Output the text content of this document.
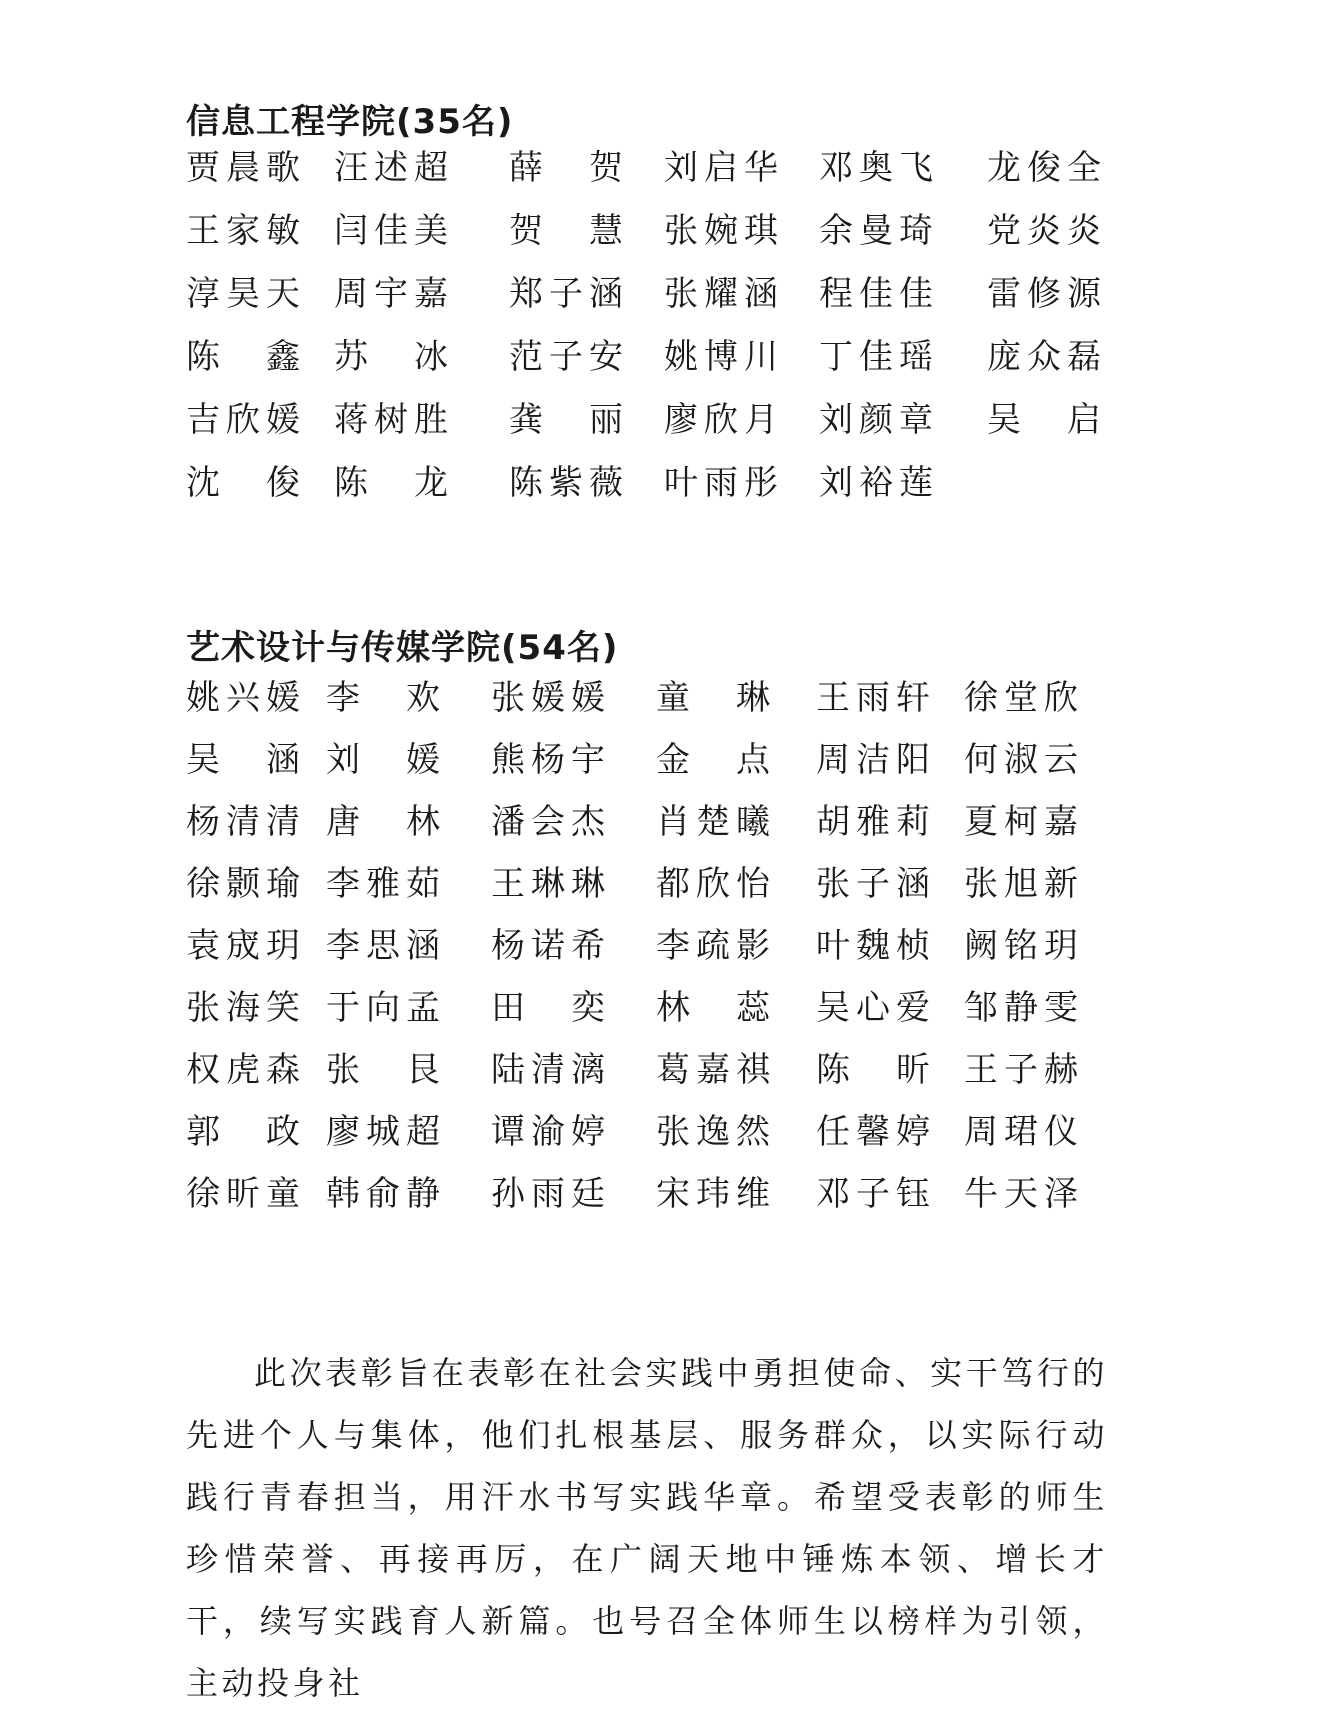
信息工程学院(35名)
贾晨歌 汪述超	薛　贺	刘启华	邓奥飞	龙俊全
王家敏 闫佳美	贺　慧	张婉琪	余曼琦	党炎炎
淳昊天 周宇嘉	郑子涵	张耀涵	程佳佳	雷修源
陈　鑫 苏　冰	范子安	姚博川	丁佳瑶	庞众磊
吉欣媛 蒋树胜	龚　丽	廖欣月	刘颜章	吴　启
沈　俊 陈　龙	陈紫薇	叶雨彤	刘裕莲
艺术设计与传媒学院(54名)
姚兴媛 李　欢	张媛媛	童　琳	王雨轩 徐堂欣
吴　涵 刘　媛	熊杨宇	金　点	周洁阳 何淑云
杨清清 唐　林	潘会杰	肖楚曦	胡雅莉 夏柯嘉
徐颢瑜 李雅茹	王琳琳	都欣怡	张子涵 张旭新
袁宬玥 李思涵	杨诺希	李疏影	叶魏桢 阙铭玥
张海笑 于向孟	田　奕	林　蕊	吴心爱 邹静雯
权虎森 张　艮	陆清漓	葛嘉祺	陈　昕 王子赫
郭　政 廖城超	谭渝婷	张逸然	任馨婷 周珺仪
徐昕童 韩俞静	孙雨廷	宋玮维	邓子钰 牛天泽

此次表彰旨在表彰在社会实践中勇担使命、实干笃行的先进个人与集体，他们扎根基层、服务群众，以实际行动践行青春担当，用汗水书写实践华章。希望受表彰的师生珍惜荣誉、再接再厉，在广阔天地中锤炼本领、增长才干，续写实践育人新篇。也号召全体师生以榜样为引领，主动投身社
